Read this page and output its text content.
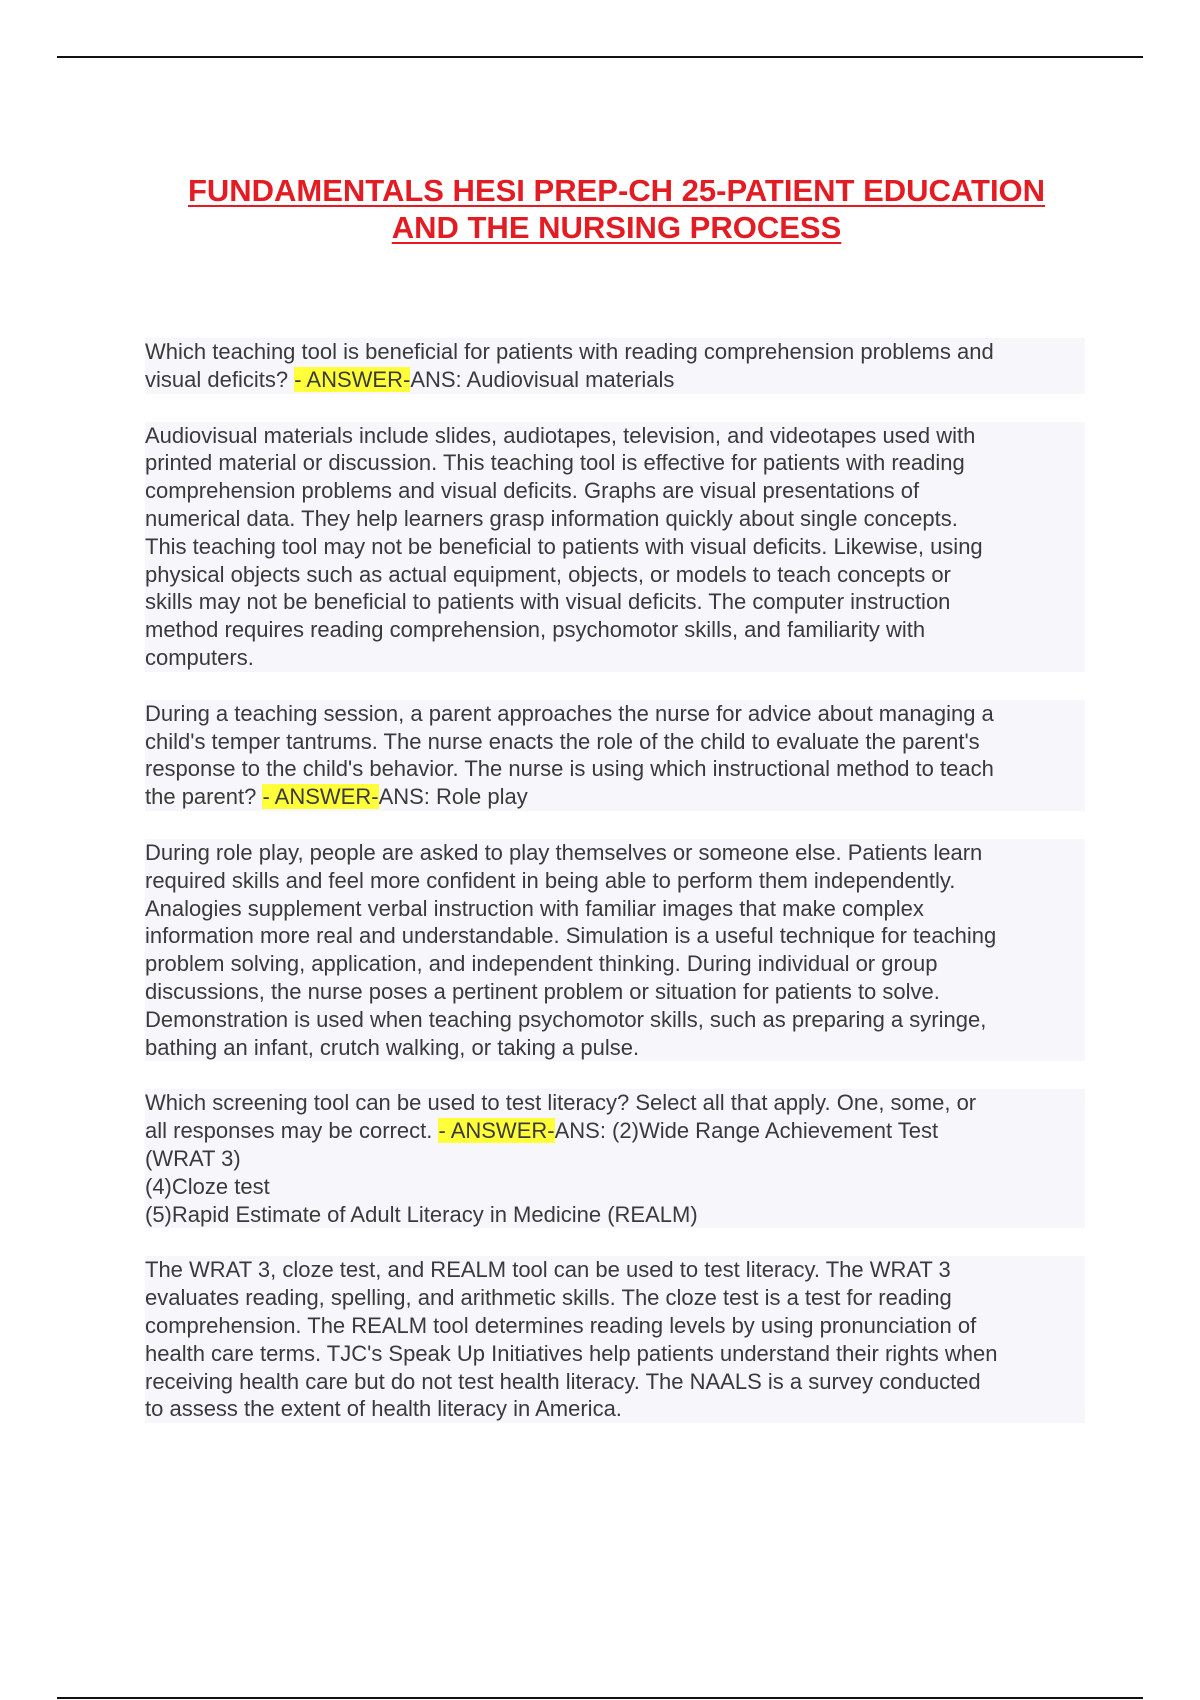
FUNDAMENTALS HESI PREP-CH 25-PATIENT EDUCATION
AND THE NURSING PROCESS

Which teaching tool is beneficial for patients with reading comprehension problems and
visual deficits? - ANSWER-ANS: Audiovisual materials

Audiovisual materials include slides, audiotapes, television, and videotapes used with
printed material or discussion. This teaching tool is effective for patients with reading
comprehension problems and visual deficits. Graphs are visual presentations of
numerical data. They help learners grasp information quickly about single concepts.
This teaching tool may not be beneficial to patients with visual deficits. Likewise, using
physical objects such as actual equipment, objects, or models to teach concepts or
skills may not be beneficial to patients with visual deficits. The computer instruction
method requires reading comprehension, psychomotor skills, and familiarity with
computers.

During a teaching session, a parent approaches the nurse for advice about managing a
child's temper tantrums. The nurse enacts the role of the child to evaluate the parent's
response to the child's behavior. The nurse is using which instructional method to teach
the parent? - ANSWER-ANS: Role play

During role play, people are asked to play themselves or someone else. Patients learn
required skills and feel more confident in being able to perform them independently.
Analogies supplement verbal instruction with familiar images that make complex
information more real and understandable. Simulation is a useful technique for teaching
problem solving, application, and independent thinking. During individual or group
discussions, the nurse poses a pertinent problem or situation for patients to solve.
Demonstration is used when teaching psychomotor skills, such as preparing a syringe,
bathing an infant, crutch walking, or taking a pulse.

Which screening tool can be used to test literacy? Select all that apply. One, some, or
all responses may be correct. - ANSWER-ANS: (2)Wide Range Achievement Test
(WRAT 3)
(4)Cloze test
(5)Rapid Estimate of Adult Literacy in Medicine (REALM)

The WRAT 3, cloze test, and REALM tool can be used to test literacy. The WRAT 3
evaluates reading, spelling, and arithmetic skills. The cloze test is a test for reading
comprehension. The REALM tool determines reading levels by using pronunciation of
health care terms. TJC's Speak Up Initiatives help patients understand their rights when
receiving health care but do not test health literacy. The NAALS is a survey conducted
to assess the extent of health literacy in America.
